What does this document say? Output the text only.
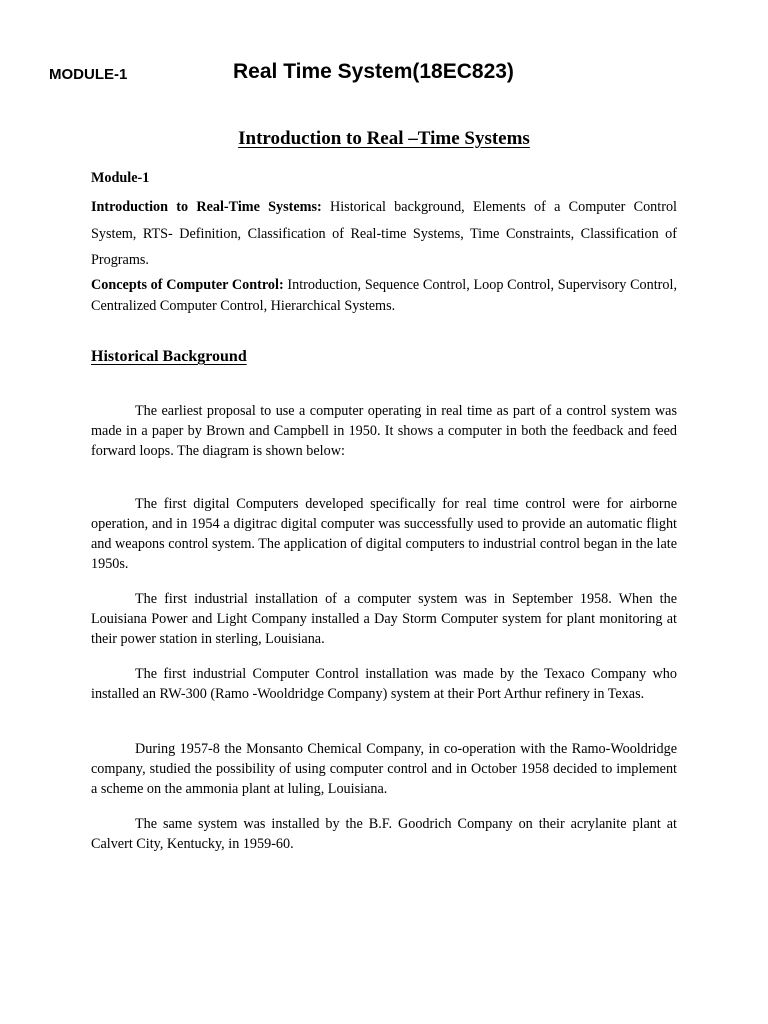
MODULE-1	Real Time System(18EC823)
Introduction to Real –Time Systems
Module-1
Introduction to Real-Time Systems: Historical background, Elements of a Computer Control System, RTS- Definition, Classification of Real-time Systems, Time Constraints, Classification of Programs.
Concepts of Computer Control: Introduction, Sequence Control, Loop Control, Supervisory Control, Centralized Computer Control, Hierarchical Systems.
Historical Background

The earliest proposal to use a computer operating in real time as part of a control system was made in a paper by Brown and Campbell in 1950. It shows a computer in both the feedback and feed forward loops. The diagram is shown below:

The first digital Computers developed specifically for real time control were for airborne operation, and in 1954 a digitrac digital computer was successfully used to provide an automatic flight and weapons control system. The application of digital computers to industrial control began in the late 1950s.

The first industrial installation of a computer system was in September 1958. When the Louisiana Power and Light Company installed a Day Storm Computer system for plant monitoring at their power station in sterling, Louisiana.

The first industrial Computer Control installation was made by the Texaco Company who installed an RW-300 (Ramo -Wooldridge Company) system at their Port Arthur refinery in Texas.

During 1957-8 the Monsanto Chemical Company, in co-operation with the Ramo-Wooldridge company, studied the possibility of using computer control and in October 1958 decided to implement a scheme on the ammonia plant at luling, Louisiana.

The same system was installed by the B.F. Goodrich Company on their acrylanite plant at Calvert City, Kentucky, in 1959-60.
